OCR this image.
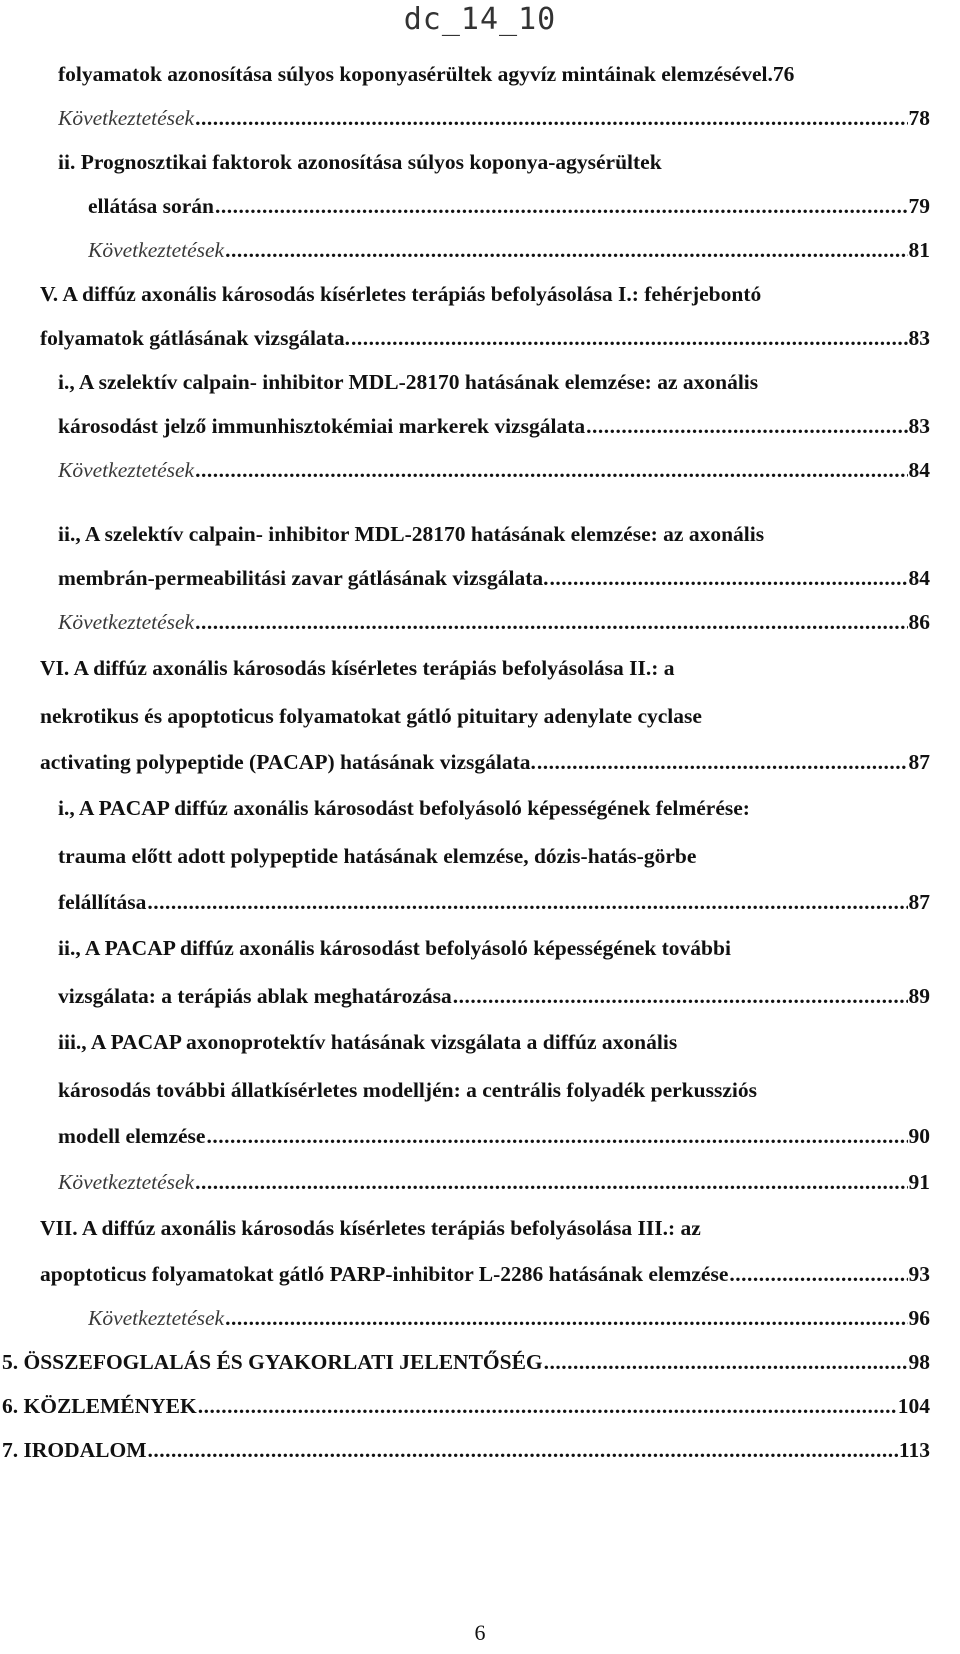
dc_14_10
folyamatok azonosítása súlyos koponyasérültek agyvíz mintáinak elemzésével. 76
Következtetések .....	78
ii. Prognosztikai faktorok azonosítása súlyos koponya-agysérültek
ellátása során .....	79
Következtetések .....	81
V. A diffúz axonális károsodás kísérletes terápiás befolyásolása I.: fehérjebontó
folyamatok gátlásának vizsgálata. .....	83
i., A szelektív calpain- inhibitor MDL-28170 hatásának elemzése: az axonális
károsodást jelző immunhisztokémiai markerek vizsgálata .....	83
Következtetések .....	84
ii., A szelektív calpain- inhibitor MDL-28170 hatásának elemzése: az axonális
membrán-permeabilitási zavar gátlásának vizsgálata. .....	84
Következtetések .....	86
VI. A diffúz axonális károsodás kísérletes terápiás befolyásolása II.: a
nekrotikus és apoptoticus folyamatokat gátló pituitary adenylate cyclase
activating polypeptide (PACAP) hatásának vizsgálata. .....	87
i., A PACAP diffúz axonális károsodást befolyásoló képességének felmérése:
trauma előtt adott polypeptide hatásának elemzése, dózis-hatás-görbe
felállítása .....	87
ii., A PACAP diffúz axonális károsodást befolyásoló képességének további
vizsgálata: a terápiás ablak meghatározása .....	89
iii., A PACAP axonoprotektív hatásának vizsgálata a diffúz axonális
károsodás további állatkísérletes modelljén: a centrális folyadék perkussziós
modell elemzése .....	90
Következtetések .....	91
VII. A diffúz axonális károsodás kísérletes terápiás befolyásolása III.: az
apoptoticus folyamatokat gátló PARP-inhibitor L-2286 hatásának elemzése .....	93
Következtetések .....	96
5. ÖSSZEFOGLALÁS ÉS GYAKORLATI JELENTŐSÉG .....	98
6. KÖZLEMÉNYEK .....	104
7. IRODALOM .....	113
6
